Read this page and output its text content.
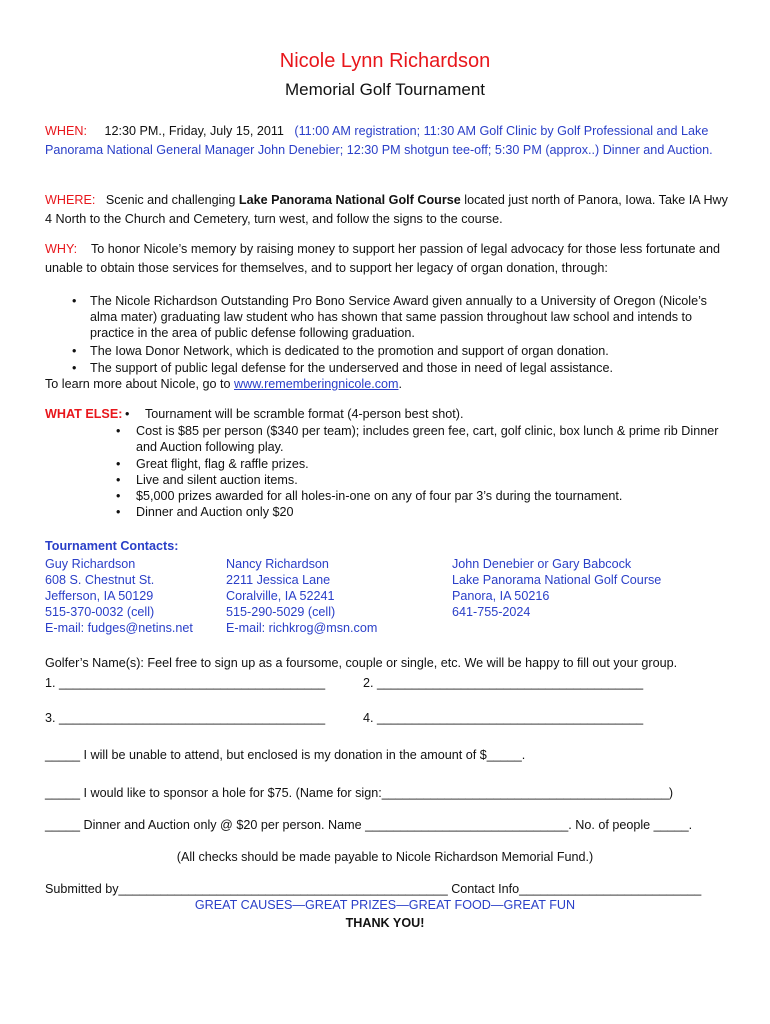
Nicole Lynn Richardson
Memorial Golf Tournament
WHEN: 12:30 PM., Friday, July 15, 2011 (11:00 AM registration; 11:30 AM Golf Clinic by Golf Professional and Lake Panorama National General Manager John Denebier; 12:30 PM shotgun tee-off; 5:30 PM (approx..) Dinner and Auction.
WHERE: Scenic and challenging Lake Panorama National Golf Course located just north of Panora, Iowa. Take IA Hwy 4 North to the Church and Cemetery, turn west, and follow the signs to the course.
WHY: To honor Nicole’s memory by raising money to support her passion of legal advocacy for those less fortunate and unable to obtain those services for themselves, and to support her legacy of organ donation, through:
• The Nicole Richardson Outstanding Pro Bono Service Award given annually to a University of Oregon (Nicole’s alma mater) graduating law student who has shown that same passion throughout law school and intends to practice in the area of public defense following graduation.
• The Iowa Donor Network, which is dedicated to the promotion and support of organ donation.
• The support of public legal defense for the underserved and those in need of legal assistance.
To learn more about Nicole, go to www.rememberingnicole.com.
WHAT ELSE: • Tournament will be scramble format (4-person best shot).
• Cost is $85 per person ($340 per team); includes green fee, cart, golf clinic, box lunch & prime rib Dinner and Auction following play.
• Great flight, flag & raffle prizes.
• Live and silent auction items.
• $5,000 prizes awarded for all holes-in-one on any of four par 3’s during the tournament.
• Dinner and Auction only $20
Tournament Contacts:
Guy Richardson
608 S. Chestnut St.
Jefferson, IA 50129
515-370-0032 (cell)
E-mail: fudges@netins.net
Nancy Richardson
2211 Jessica Lane
Coralville, IA 52241
515-290-5029 (cell)
E-mail: richkrog@msn.com
John Denebier or Gary Babcock
Lake Panorama National Golf Course
Panora, IA 50216
641-755-2024
Golfer’s Name(s): Feel free to sign up as a foursome, couple or single, etc. We will be happy to fill out your group.
1. ______________________________________	2. ______________________________________
3. ______________________________________	4. ______________________________________
_____ I will be unable to attend, but enclosed is my donation in the amount of $_____.
_____ I would like to sponsor a hole for $75. (Name for sign:_________________________________________)
_____ Dinner and Auction only @ $20 per person. Name _____________________________. No. of people _____.
(All checks should be made payable to Nicole Richardson Memorial Fund.)
Submitted by_______________________________________________ Contact Info__________________________
GREAT CAUSES—GREAT PRIZES—GREAT FOOD—GREAT FUN
THANK YOU!
